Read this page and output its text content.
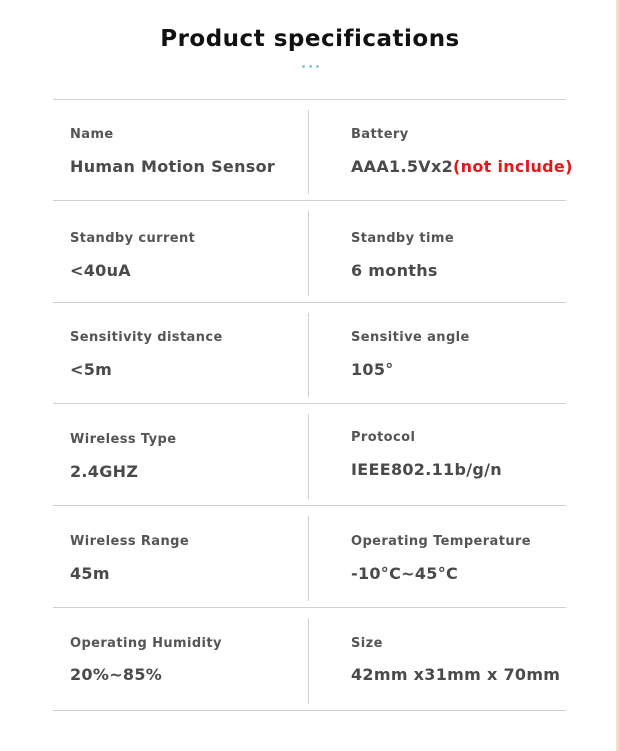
Product specifications
Name
Human Motion Sensor
Battery
AAA1.5Vx2(not include)
Standby current
<40uA
Standby time
6 months
Sensitivity distance
<5m
Sensitive angle
105°
Wireless Type
2.4GHZ
Protocol
IEEE802.11b/g/n
Wireless Range
45m
Operating Temperature
-10°C~45°C
Operating Humidity
20%~85%
Size
42mm x31mm x 70mm
